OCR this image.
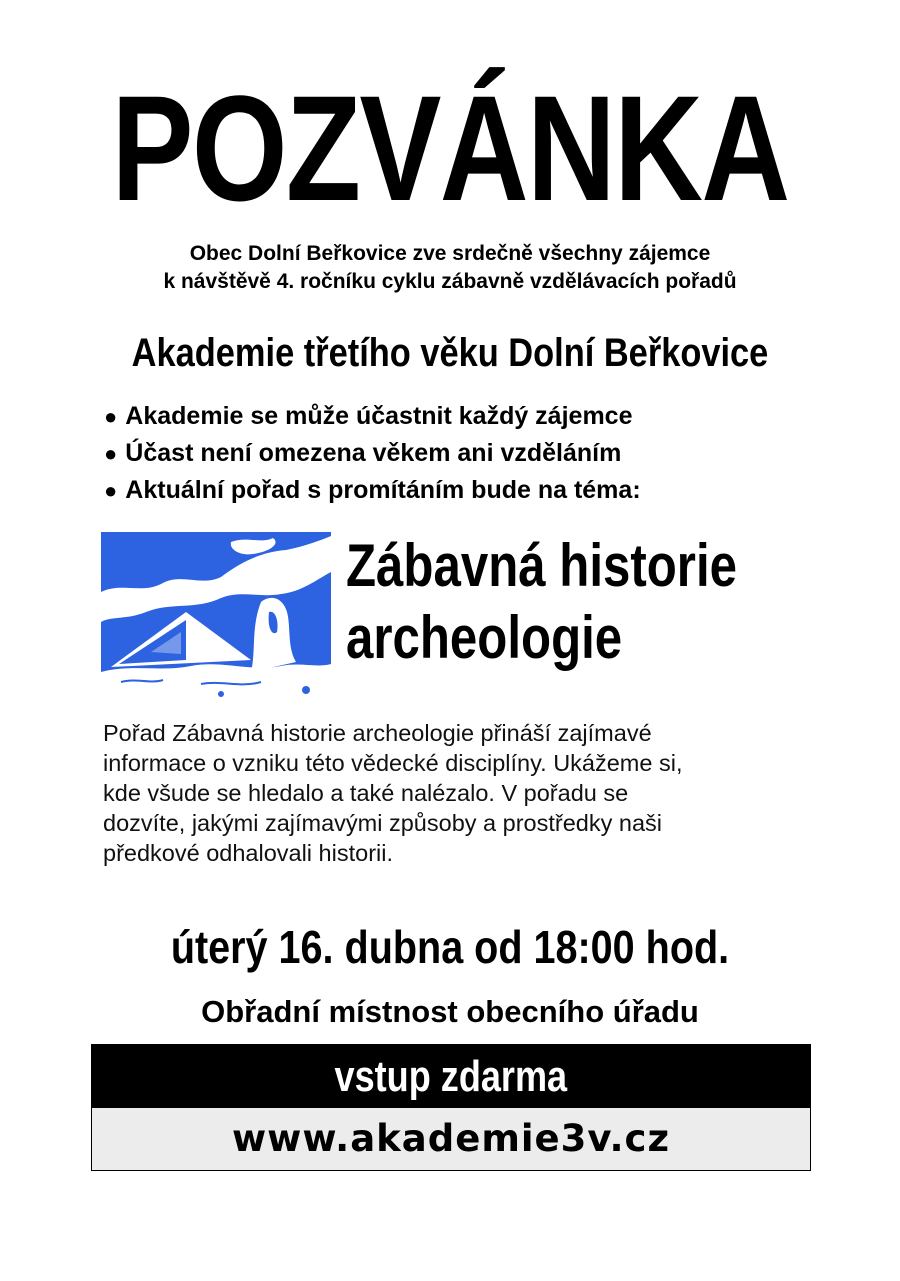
POZVÁNKA
Obec Dolní Beřkovice zve srdečně všechny zájemce
k návštěvě 4. ročníku cyklu zábavně vzdělávacích pořadů
Akademie třetího věku Dolní Beřkovice
● Akademie se může účastnit každý zájemce
● Účast není omezena věkem ani vzděláním
● Aktuální pořad s promítáním bude na téma:
Zábavná historie
archeologie
Pořad Zábavná historie archeologie přináší zajímavé
informace o vzniku této vědecké disciplíny. Ukážeme si,
kde všude se hledalo a také nalézalo. V pořadu se
dozvíte, jakými zajímavými způsoby a prostředky naši
předkové odhalovali historii.
úterý 16. dubna od 18:00 hod.
Obřadní místnost obecního úřadu
vstup zdarma
www.akademie3v.cz
